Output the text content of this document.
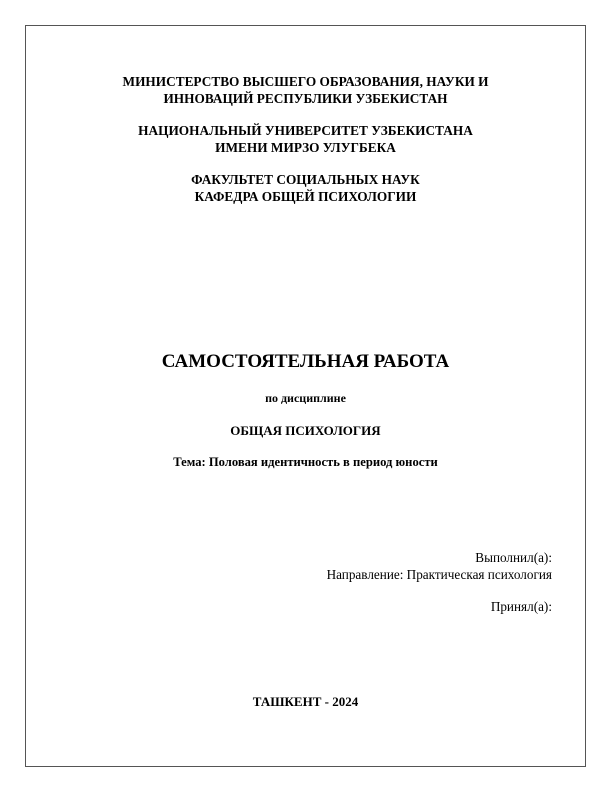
МИНИСТЕРСТВО ВЫСШЕГО ОБРАЗОВАНИЯ, НАУКИ И
ИННОВАЦИЙ РЕСПУБЛИКИ УЗБЕКИСТАН
НАЦИОНАЛЬНЫЙ УНИВЕРСИТЕТ УЗБЕКИСТАНА
ИМЕНИ МИРЗО УЛУГБЕКА
ФАКУЛЬТЕТ СОЦИАЛЬНЫХ НАУК
КАФЕДРА ОБЩЕЙ ПСИХОЛОГИИ
САМОСТОЯТЕЛЬНАЯ РАБОТА
по дисциплине
ОБЩАЯ ПСИХОЛОГИЯ
Тема: Половая идентичность в период юности
Выполнил(а):
Направление: Практическая психология
Принял(а):
ТАШКЕНТ - 2024
